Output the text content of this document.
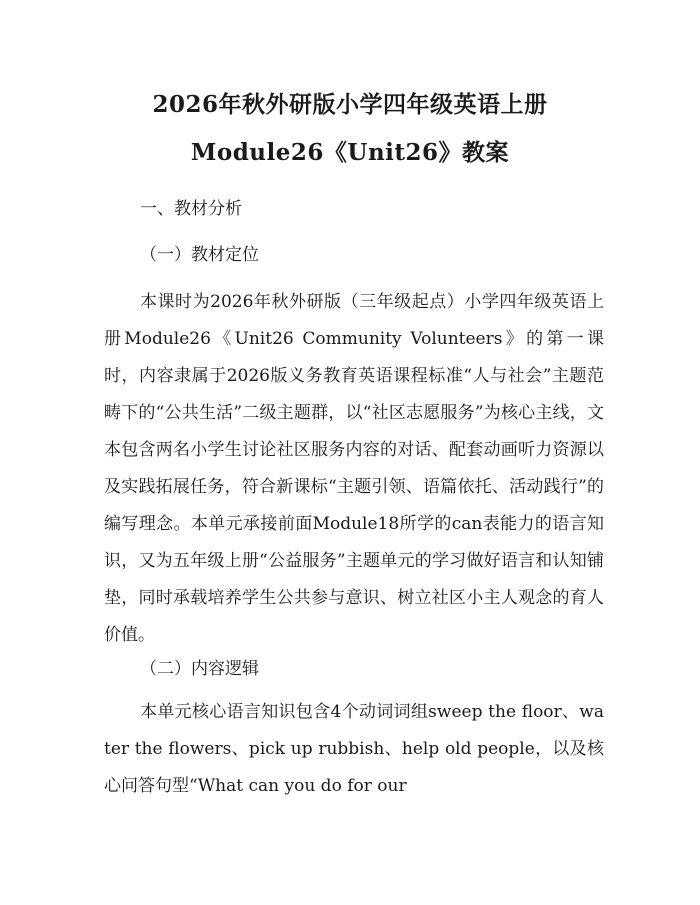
2026年秋外研版小学四年级英语上册
Module26《Unit26》教案
一、教材分析
（一）教材定位

本课时为2026年秋外研版（三年级起点）小学四年级英语上册Module26《Unit26 Community Volunteers》的第一课时，内容隶属于2026版义务教育英语课程标准“人与社会”主题范畴下的“公共生活”二级主题群，以“社区志愿服务”为核心主线，文本包含两名小学生讨论社区服务内容的对话、配套动画听力资源以及实践拓展任务，符合新课标“主题引领、语篇依托、活动践行”的编写理念。本单元承接前面Module18所学的can表能力的语言知识，又为五年级上册“公益服务”主题单元的学习做好语言和认知铺垫，同时承载培养学生公共参与意识、树立社区小主人观念的育人价值。

（二）内容逻辑

本单元核心语言知识包含4个动词词组sweep the floor、water the flowers、pick up rubbish、help old people，以及核心问答句型“What can you do for our
